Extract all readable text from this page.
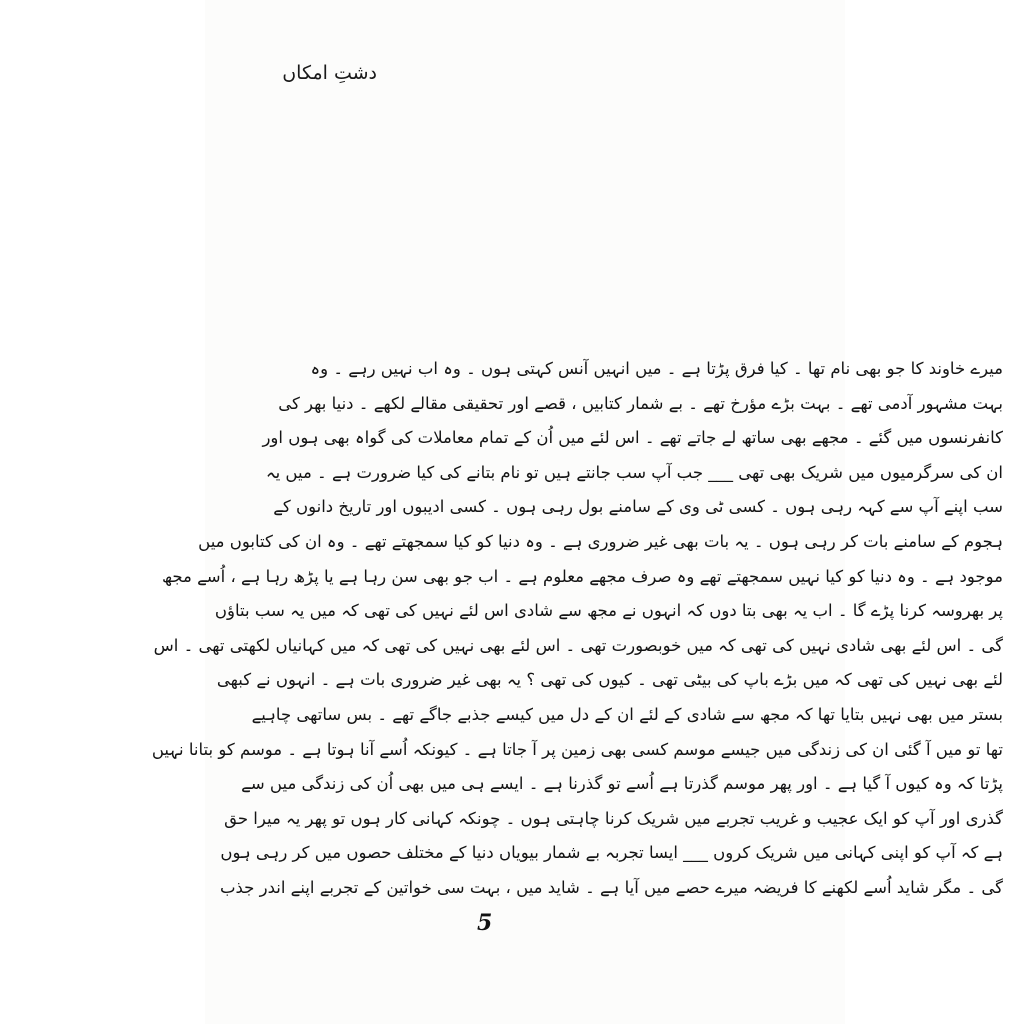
دشتِ امکاں
میرے خاوند کا جو بھی نام تھا ۔ کیا فرق پڑتا ہے ۔ میں انہیں آنس کہتی ہوں ۔ وہ اب نہیں رہے ۔ وہ
بہت مشہور آدمی تھے ۔ بہت بڑے مؤرخ تھے ۔ بے شمار کتابیں ، قصے اور تحقیقی مقالے لکھے ۔ دنیا بھر کی
کانفرنسوں میں گئے ۔ مجھے بھی ساتھ لے جاتے تھے ۔ اس لئے میں اُن کے تمام معاملات کی گواہ بھی ہوں اور
ان کی سرگرمیوں میں شریک بھی تھی ___ جب آپ سب جانتے ہیں تو نام بتانے کی کیا ضرورت ہے ۔ میں یہ
سب اپنے آپ سے کہہ رہی ہوں ۔ کسی ٹی وی کے سامنے بول رہی ہوں ۔ کسی ادیبوں اور تاریخ دانوں کے
ہجوم کے سامنے بات کر رہی ہوں ۔ یہ بات بھی غیر ضروری ہے ۔ وہ دنیا کو کیا سمجھتے تھے ۔ وہ ان کی کتابوں میں
موجود ہے ۔ وہ دنیا کو کیا نہیں سمجھتے تھے وہ صرف مجھے معلوم ہے ۔ اب جو بھی سن رہا ہے یا پڑھ رہا ہے ، اُسے مجھ
پر بھروسہ کرنا پڑے گا ۔ اب یہ بھی بتا دوں کہ انہوں نے مجھ سے شادی اس لئے نہیں کی تھی کہ میں یہ سب بتاؤں
گی ۔ اس لئے بھی شادی نہیں کی تھی کہ میں خوبصورت تھی ۔ اس لئے بھی نہیں کی تھی کہ میں کہانیاں لکھتی تھی ۔ اس
لئے بھی نہیں کی تھی کہ میں بڑے باپ کی بیٹی تھی ۔ کیوں کی تھی ؟ یہ بھی غیر ضروری بات ہے ۔ انہوں نے کبھی
بستر میں بھی نہیں بتایا تھا کہ مجھ سے شادی کے لئے ان کے دل میں کیسے جذبے جاگے تھے ۔ بس ساتھی چاہیے
تھا تو میں آ گئی ان کی زندگی میں جیسے موسم کسی بھی زمین پر آ جاتا ہے ۔ کیونکہ اُسے آنا ہوتا ہے ۔ موسم کو بتانا نہیں
پڑتا کہ وہ کیوں آ گیا ہے ۔ اور پھر موسم گذرتا ہے اُسے تو گذرنا ہے ۔ ایسے ہی میں بھی اُن کی زندگی میں سے
گذری اور آپ کو ایک عجیب و غریب تجربے میں شریک کرنا چاہتی ہوں ۔ چونکہ کہانی کار ہوں تو پھر یہ میرا حق
ہے کہ آپ کو اپنی کہانی میں شریک کروں ___ ایسا تجربہ بے شمار بیویاں دنیا کے مختلف حصوں میں کر رہی ہوں
گی ۔ مگر شاید اُسے لکھنے کا فریضہ میرے حصے میں آیا ہے ۔ شاید میں ، بہت سی خواتین کے تجربے اپنے اندر جذب
5
